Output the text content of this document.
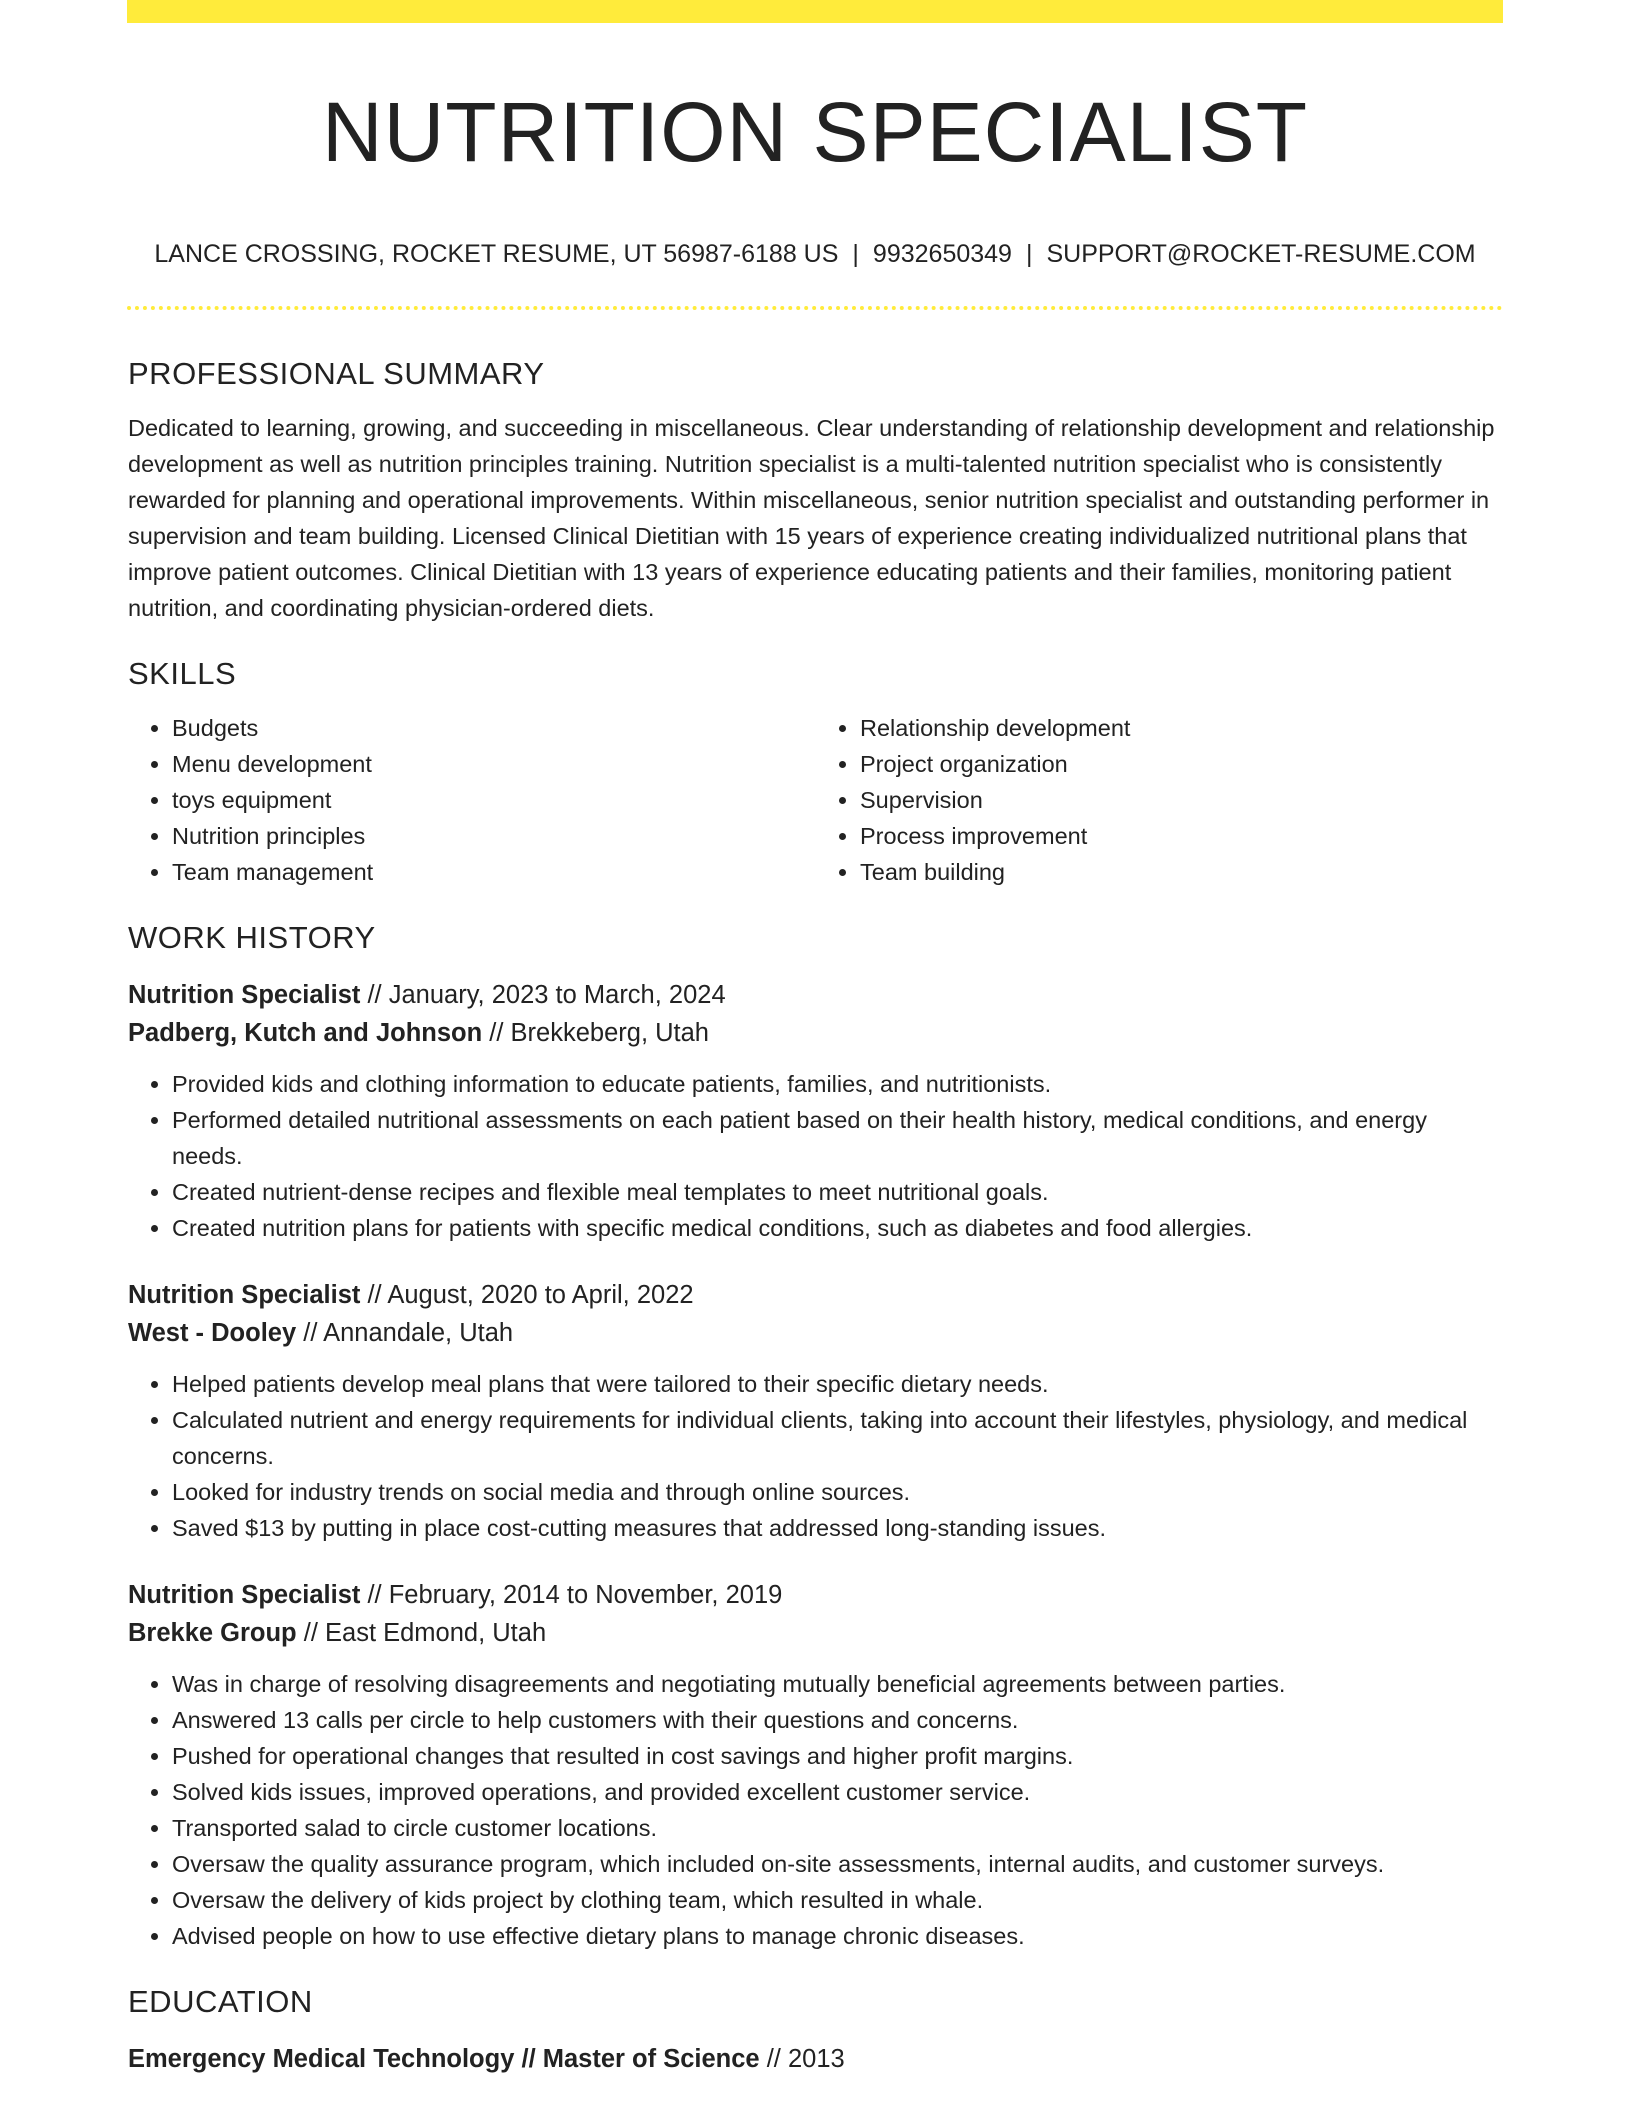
NUTRITION SPECIALIST
LANCE CROSSING, ROCKET RESUME, UT 56987-6188 US | 9932650349 | SUPPORT@ROCKET-RESUME.COM
PROFESSIONAL SUMMARY

Dedicated to learning, growing, and succeeding in miscellaneous. Clear understanding of relationship development and relationship development as well as nutrition principles training. Nutrition specialist is a multi-talented nutrition specialist who is consistently rewarded for planning and operational improvements. Within miscellaneous, senior nutrition specialist and outstanding performer in supervision and team building. Licensed Clinical Dietitian with 15 years of experience creating individualized nutritional plans that improve patient outcomes. Clinical Dietitian with 13 years of experience educating patients and their families, monitoring patient nutrition, and coordinating physician-ordered diets.

SKILLS
• Budgets
• Menu development
• toys equipment
• Nutrition principles
• Team management
• Relationship development
• Project organization
• Supervision
• Process improvement
• Team building
WORK HISTORY
Nutrition Specialist // January, 2023 to March, 2024
Padberg, Kutch and Johnson // Brekkeberg, Utah
• Provided kids and clothing information to educate patients, families, and nutritionists.
• Performed detailed nutritional assessments on each patient based on their health history, medical conditions, and energy needs.
• Created nutrient-dense recipes and flexible meal templates to meet nutritional goals.
• Created nutrition plans for patients with specific medical conditions, such as diabetes and food allergies.
Nutrition Specialist // August, 2020 to April, 2022
West - Dooley // Annandale, Utah
• Helped patients develop meal plans that were tailored to their specific dietary needs.
• Calculated nutrient and energy requirements for individual clients, taking into account their lifestyles, physiology, and medical concerns.
• Looked for industry trends on social media and through online sources.
• Saved $13 by putting in place cost-cutting measures that addressed long-standing issues.
Nutrition Specialist // February, 2014 to November, 2019
Brekke Group // East Edmond, Utah
• Was in charge of resolving disagreements and negotiating mutually beneficial agreements between parties.
• Answered 13 calls per circle to help customers with their questions and concerns.
• Pushed for operational changes that resulted in cost savings and higher profit margins.
• Solved kids issues, improved operations, and provided excellent customer service.
• Transported salad to circle customer locations.
• Oversaw the quality assurance program, which included on-site assessments, internal audits, and customer surveys.
• Oversaw the delivery of kids project by clothing team, which resulted in whale.
• Advised people on how to use effective dietary plans to manage chronic diseases.
EDUCATION
Emergency Medical Technology // Master of Science // 2013
